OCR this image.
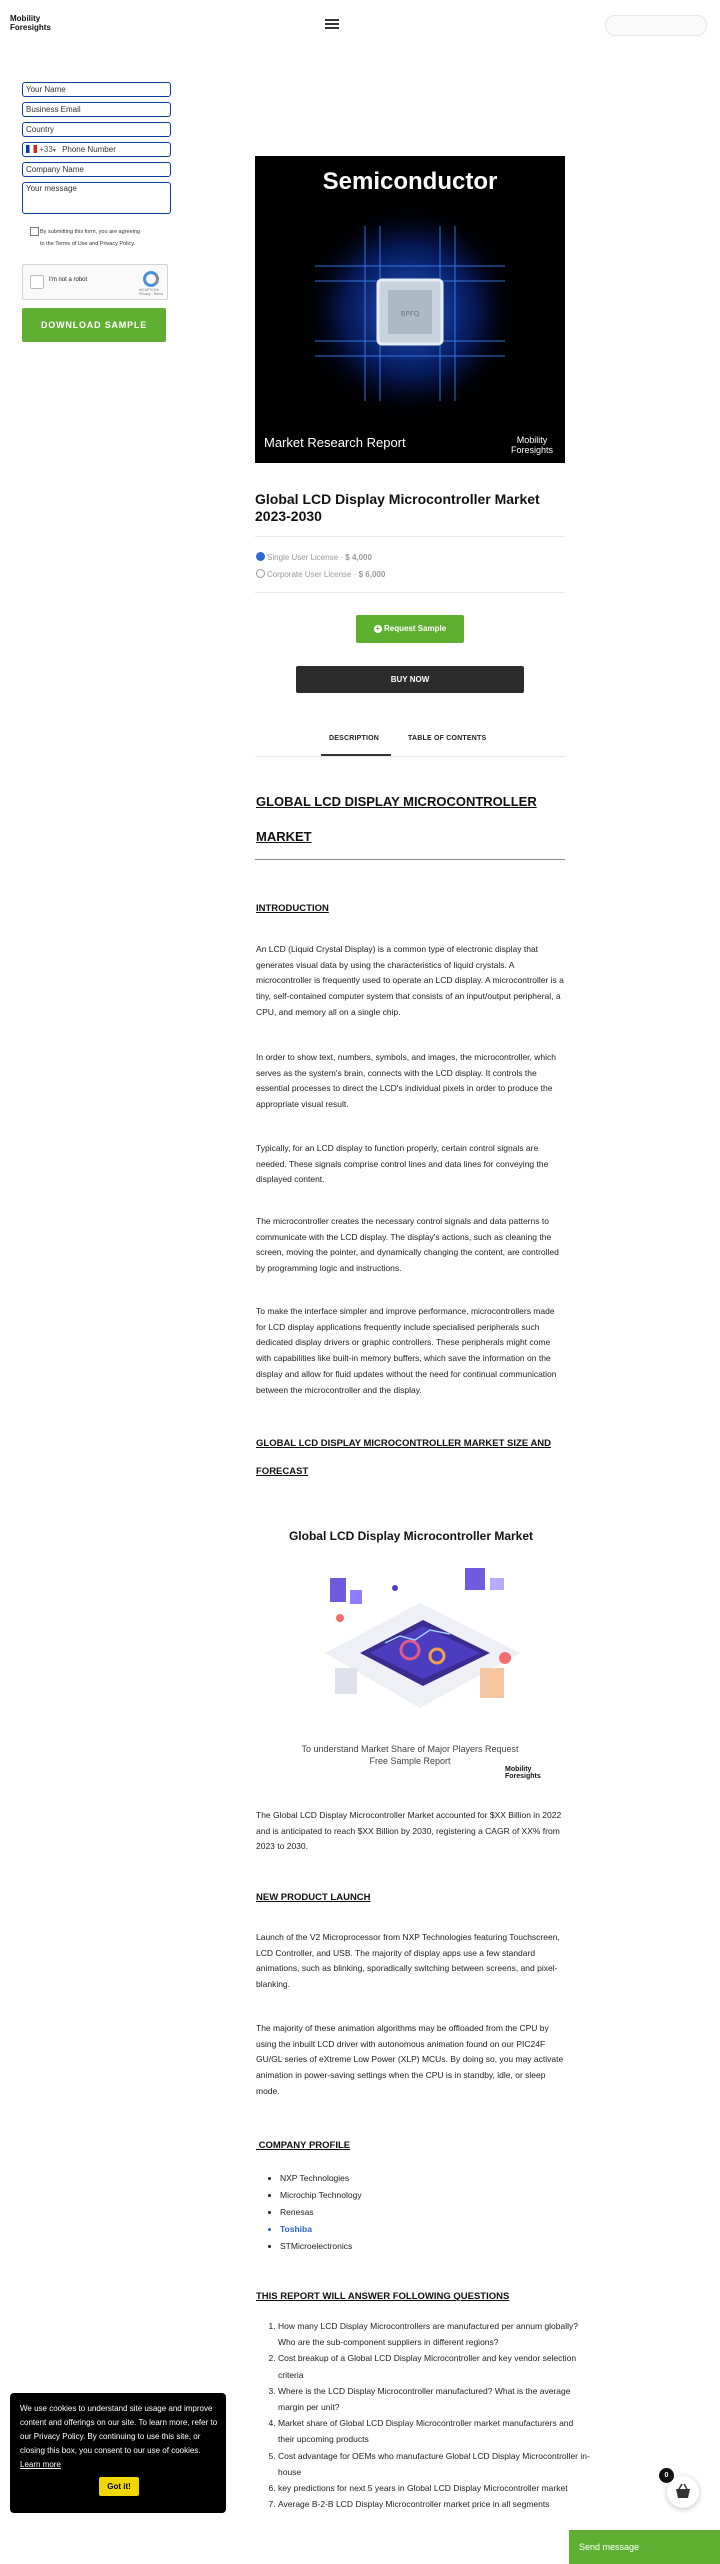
Mobility
Foresights
Your Name
Business Email
Country
+33▾ Phone Number
Company Name
Your message
By submitting this form, you are agreeing
to the Terms of Use and Privacy Policy.
I'm not a robot
reCAPTCHA
Privacy - Terms
DOWNLOAD SAMPLE
Semiconductor
BPFQ
Market Research Report	Mobility
Foresights
Global LCD Display Microcontroller Market 2023-2030
Single User License · $ 4,000
Corporate User License · $ 6,000
+ Request Sample
BUY NOW
DESCRIPTION	TABLE OF CONTENTS
GLOBAL LCD DISPLAY MICROCONTROLLER
MARKET
INTRODUCTION
An LCD (Liquid Crystal Display) is a common type of electronic display that generates visual data by using the characteristics of liquid crystals. A microcontroller is frequently used to operate an LCD display. A microcontroller is a tiny, self-contained computer system that consists of an input/output peripheral, a CPU, and memory all on a single chip.
In order to show text, numbers, symbols, and images, the microcontroller, which serves as the system's brain, connects with the LCD display. It controls the essential processes to direct the LCD's individual pixels in order to produce the appropriate visual result.
Typically, for an LCD display to function properly, certain control signals are needed. These signals comprise control lines and data lines for conveying the displayed content.
The microcontroller creates the necessary control signals and data patterns to communicate with the LCD display. The display's actions, such as cleaning the screen, moving the pointer, and dynamically changing the content, are controlled by programming logic and instructions.
To make the interface simpler and improve performance, microcontrollers made for LCD display applications frequently include specialised peripherals such dedicated display drivers or graphic controllers. These peripherals might come with capabilities like built-in memory buffers, which save the information on the display and allow for fluid updates without the need for continual communication between the microcontroller and the display.
GLOBAL LCD DISPLAY MICROCONTROLLER MARKET SIZE AND
FORECAST
Global LCD Display Microcontroller Market
To understand Market Share of Major Players Request Free Sample Report
Mobility
Foresights
The Global LCD Display Microcontroller Market accounted for $XX Billion in 2022 and is anticipated to reach $XX Billion by 2030, registering a CAGR of XX% from 2023 to 2030.
NEW PRODUCT LAUNCH
Launch of the V2 Microprocessor from NXP Technologies featuring Touchscreen, LCD Controller, and USB. The majority of display apps use a few standard animations, such as blinking, sporadically switching between screens, and pixel-blanking.
The majority of these animation algorithms may be offloaded from the CPU by using the inbuilt LCD driver with autonomous animation found on our PIC24F GU/GL series of eXtreme Low Power (XLP) MCUs. By doing so, you may activate animation in power-saving settings when the CPU is in standby, idle, or sleep mode.
COMPANY PROFILE
• NXP Technologies
• Microchip Technology
• Renesas
• Toshiba
• STMicroelectronics
THIS REPORT WILL ANSWER FOLLOWING QUESTIONS
1. How many LCD Display Microcontrollers are manufactured per annum globally? Who are the sub-component suppliers in different regions?
2. Cost breakup of a Global LCD Display Microcontroller and key vendor selection criteria
3. Where is the LCD Display Microcontroller manufactured? What is the average margin per unit?
4. Market share of Global LCD Display Microcontroller market manufacturers and their upcoming products
5. Cost advantage for OEMs who manufacture Global LCD Display Microcontroller in-house
6. key predictions for next 5 years in Global LCD Display Microcontroller market
7. Average B-2-B LCD Display Microcontroller market price in all segments
We use cookies to understand site usage and improve content and offerings on our site. To learn more, refer to our Privacy Policy. By continuing to use this site, or closing this box, you consent to our use of cookies. Learn more
Got it!
0
Send message
